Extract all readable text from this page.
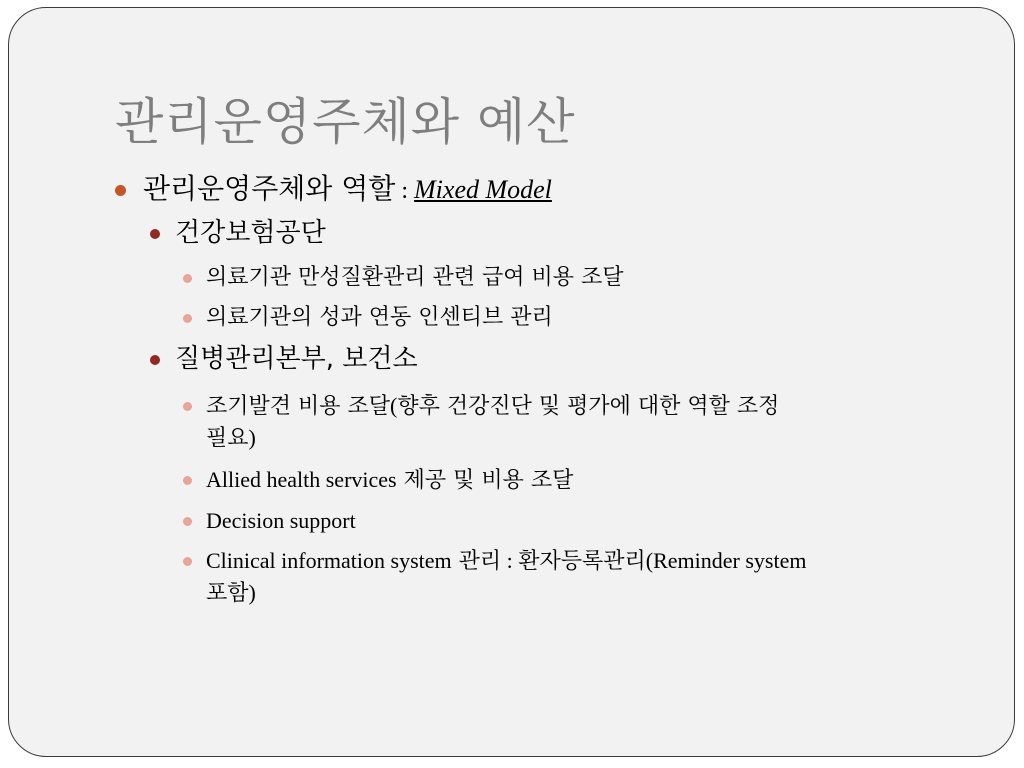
관리운영주체와 예산
관리운영주체와 역할 : Mixed Model
건강보험공단
의료기관 만성질환관리 관련 급여 비용 조달
의료기관의 성과 연동 인센티브 관리
질병관리본부, 보건소
조기발견 비용 조달(향후 건강진단 및 평가에 대한 역할 조정
필요)
Allied health services 제공 및 비용 조달
Decision support
Clinical information system 관리 : 환자등록관리(Reminder system
포함)
